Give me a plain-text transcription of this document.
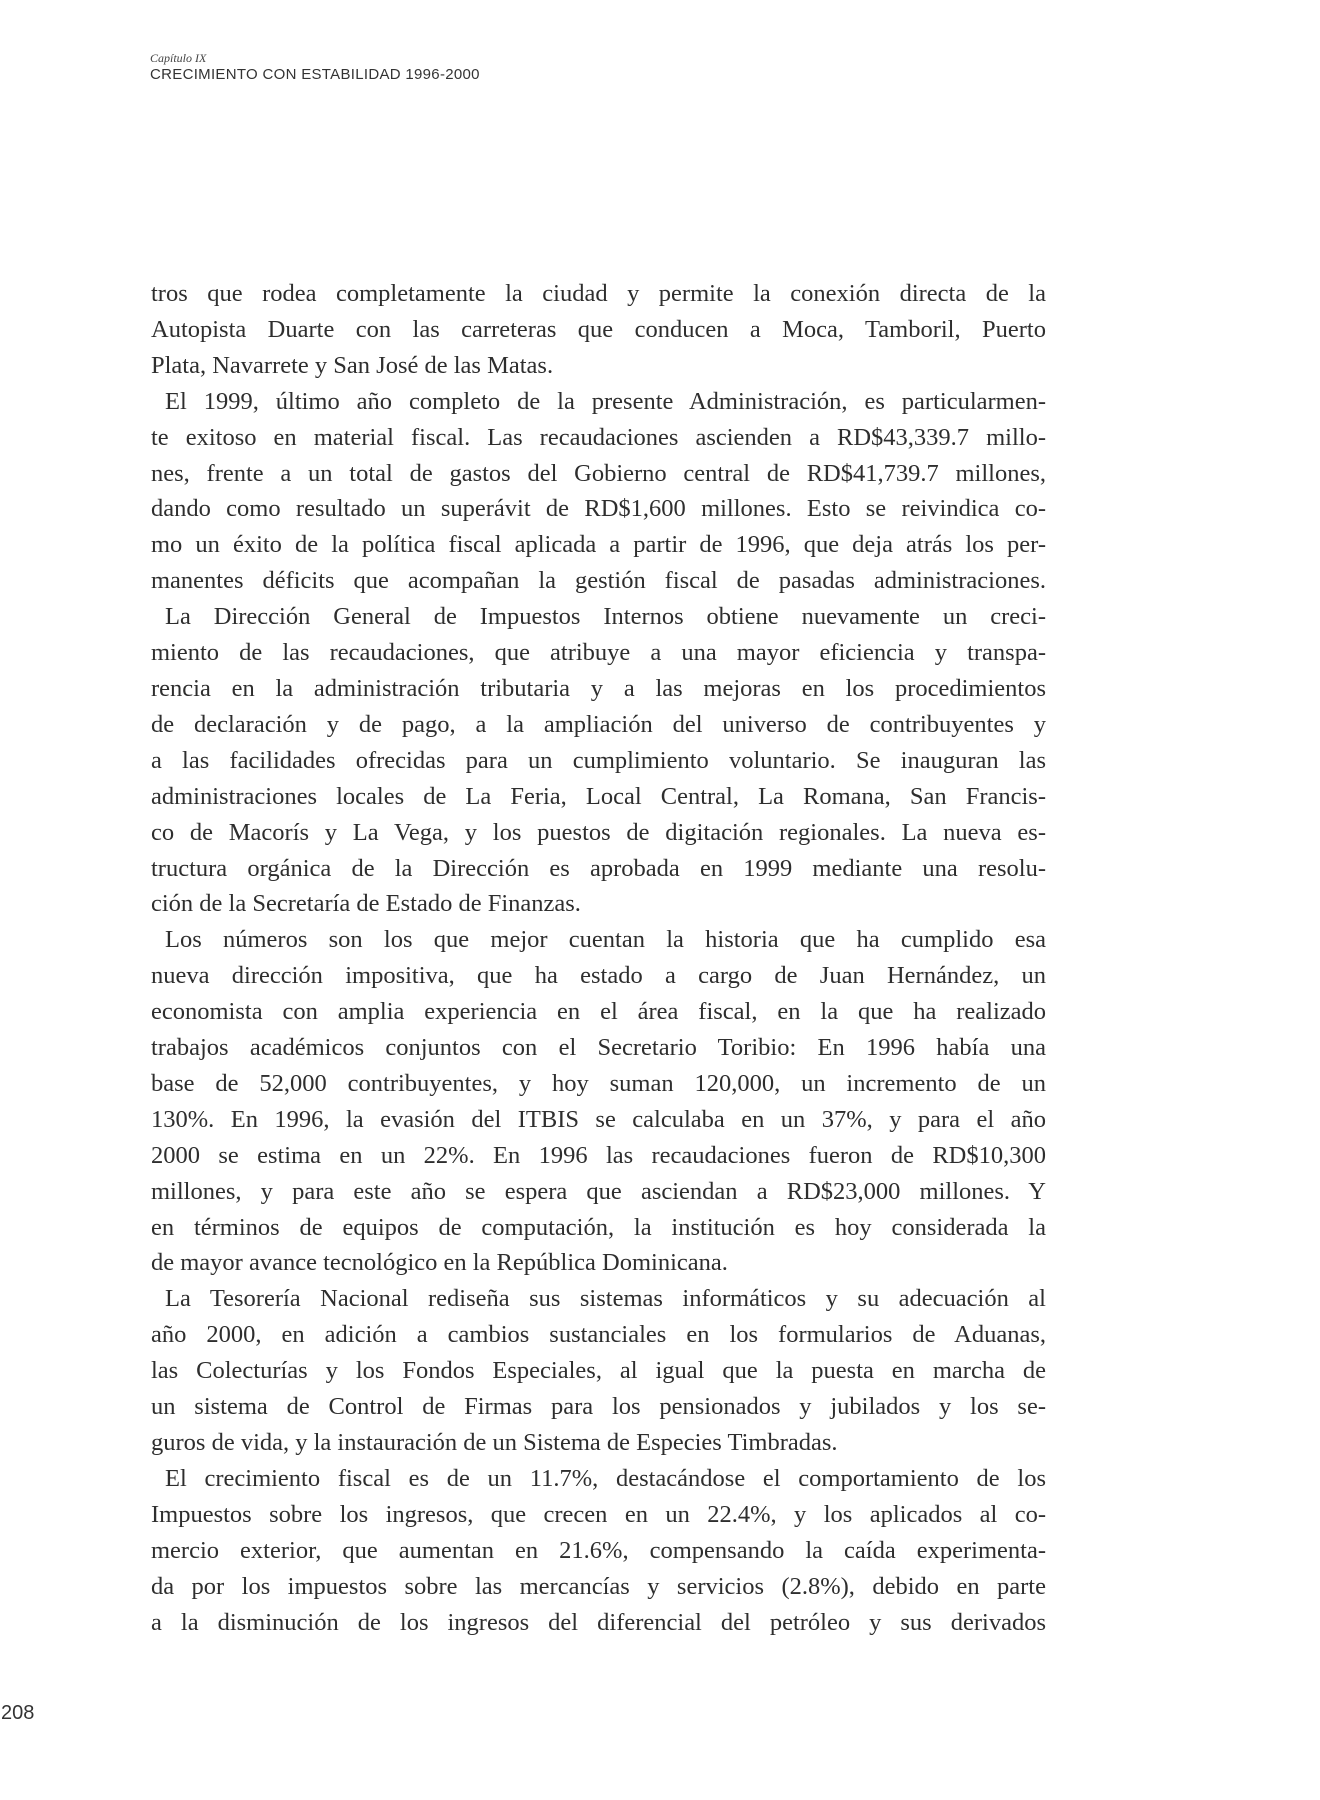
Capítulo IX
CRECIMIENTO CON ESTABILIDAD 1996-2000
tros que rodea completamente la ciudad y permite la conexión directa de la
Autopista Duarte con las carreteras que conducen a Moca, Tamboril, Puerto
Plata, Navarrete y San José de las Matas.
El 1999, último año completo de la presente Administración, es particularmen-
te exitoso en material fiscal. Las recaudaciones ascienden a RD$43,339.7 millo-
nes, frente a un total de gastos del Gobierno central de RD$41,739.7 millones,
dando como resultado un superávit de RD$1,600 millones. Esto se reivindica co-
mo un éxito de la política fiscal aplicada a partir de 1996, que deja atrás los per-
manentes déficits que acompañan la gestión fiscal de pasadas administraciones.
La Dirección General de Impuestos Internos obtiene nuevamente un creci-
miento de las recaudaciones, que atribuye a una mayor eficiencia y transpa-
rencia en la administración tributaria y a las mejoras en los procedimientos
de declaración y de pago, a la ampliación del universo de contribuyentes y
a las facilidades ofrecidas para un cumplimiento voluntario. Se inauguran las
administraciones locales de La Feria, Local Central, La Romana, San Francis-
co de Macorís y La Vega, y los puestos de digitación regionales. La nueva es-
tructura orgánica de la Dirección es aprobada en 1999 mediante una resolu-
ción de la Secretaría de Estado de Finanzas.
Los números son los que mejor cuentan la historia que ha cumplido esa
nueva dirección impositiva, que ha estado a cargo de Juan Hernández, un
economista con amplia experiencia en el área fiscal, en la que ha realizado
trabajos académicos conjuntos con el Secretario Toribio: En 1996 había una
base de 52,000 contribuyentes, y hoy suman 120,000, un incremento de un
130%. En 1996, la evasión del ITBIS se calculaba en un 37%, y para el año
2000 se estima en un 22%. En 1996 las recaudaciones fueron de RD$10,300
millones, y para este año se espera que asciendan a RD$23,000 millones. Y
en términos de equipos de computación, la institución es hoy considerada la
de mayor avance tecnológico en la República Dominicana.
La Tesorería Nacional rediseña sus sistemas informáticos y su adecuación al
año 2000, en adición a cambios sustanciales en los formularios de Aduanas,
las Colecturías y los Fondos Especiales, al igual que la puesta en marcha de
un sistema de Control de Firmas para los pensionados y jubilados y los se-
guros de vida, y la instauración de un Sistema de Especies Timbradas.
El crecimiento fiscal es de un 11.7%, destacándose el comportamiento de los
Impuestos sobre los ingresos, que crecen en un 22.4%, y los aplicados al co-
mercio exterior, que aumentan en 21.6%, compensando la caída experimenta-
da por los impuestos sobre las mercancías y servicios (2.8%), debido en parte
a la disminución de los ingresos del diferencial del petróleo y sus derivados
208
